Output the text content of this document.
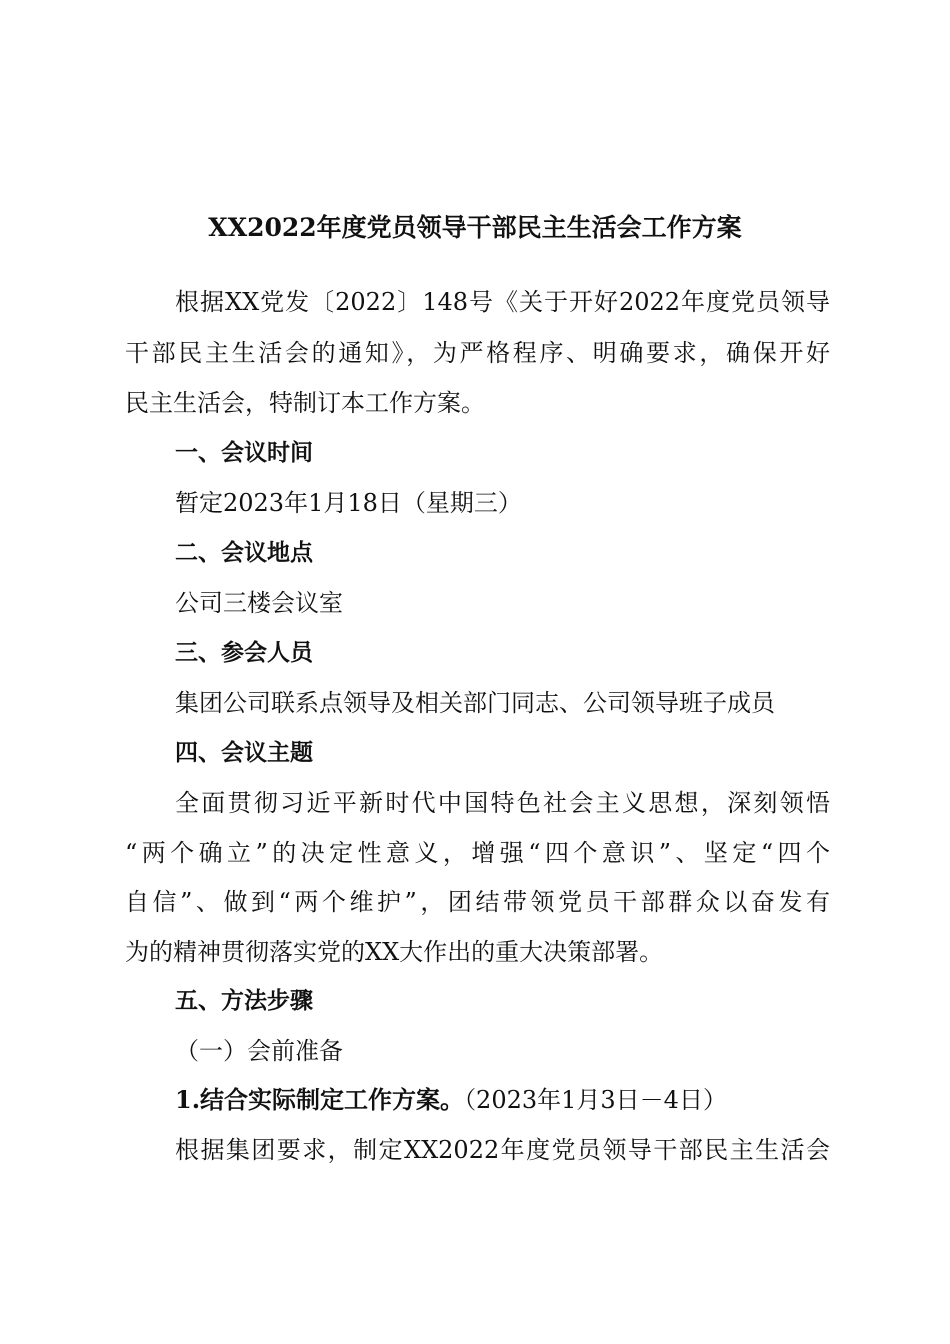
XX2022年度党员领导干部民主生活会工作方案
根据XX党发〔2022〕148号《关于开好2022年度党员领导
干部民主生活会的通知》，为严格程序、明确要求，确保开好
民主生活会，特制订本工作方案。
一、会议时间
暂定2023年1月18日（星期三）
二、会议地点
公司三楼会议室
三、参会人员
集团公司联系点领导及相关部门同志、公司领导班子成员
四、会议主题
全面贯彻习近平新时代中国特色社会主义思想，深刻领悟
“两个确立”的决定性意义，增强“四个意识”、坚定“四个
自信”、做到“两个维护”，团结带领党员干部群众以奋发有
为的精神贯彻落实党的XX大作出的重大决策部署。
五、方法步骤
（一）会前准备
1.结合实际制定工作方案。（2023年1月3日－4日）
根据集团要求，制定XX2022年度党员领导干部民主生活会
